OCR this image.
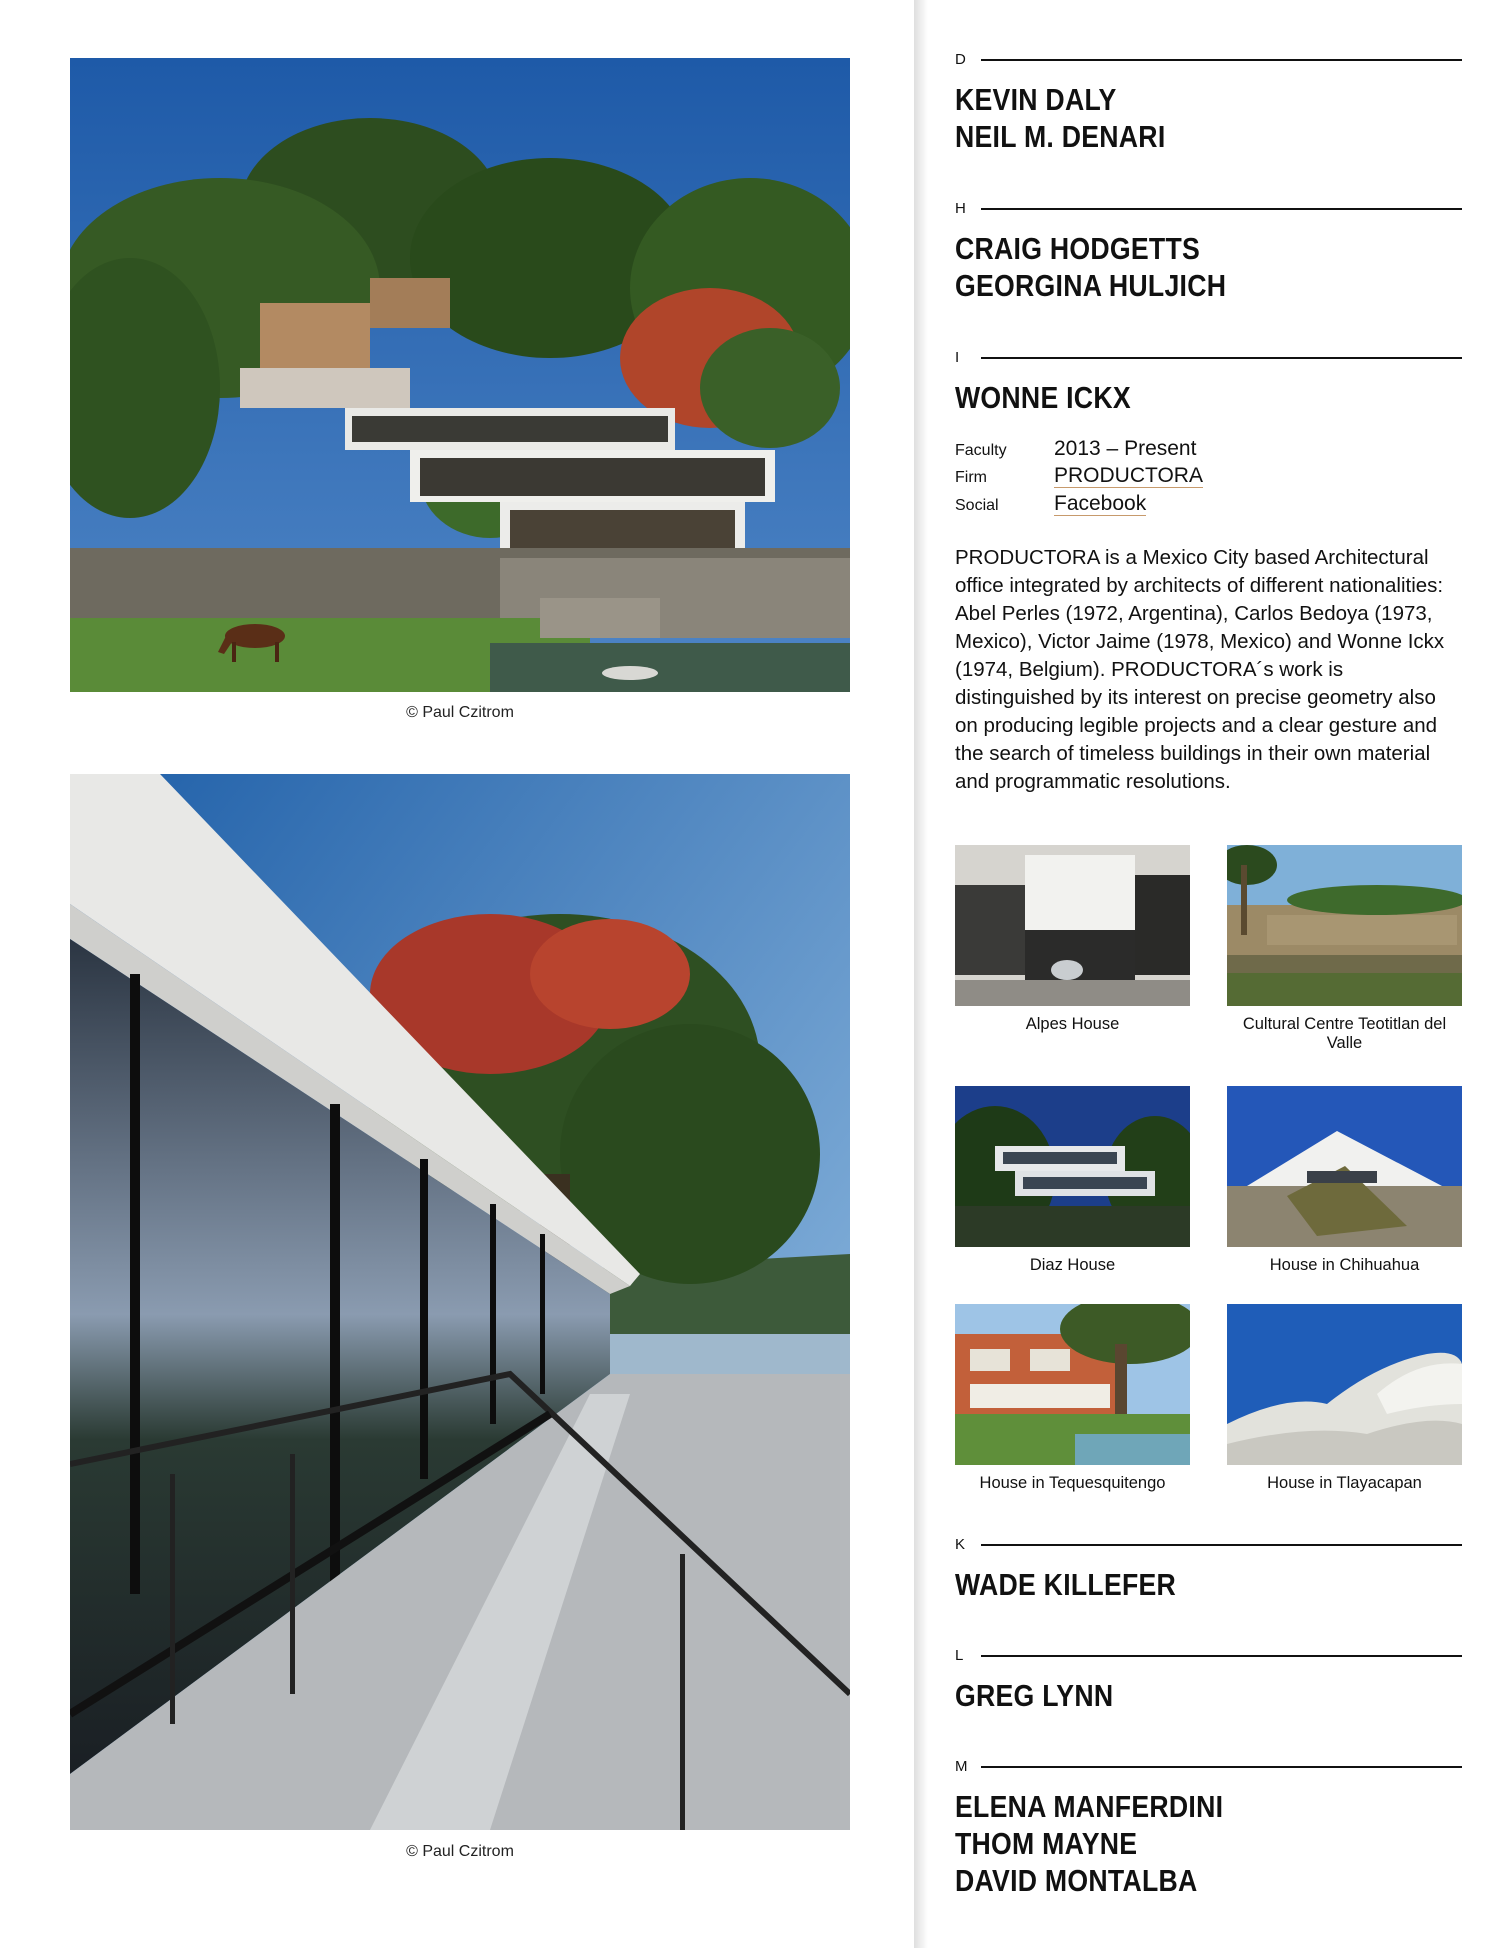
© Paul Czitrom
© Paul Czitrom
D
KEVIN DALY
NEIL M. DENARI
H
CRAIG HODGETTS
GEORGINA HULJICH
I
WONNE ICKX
Faculty	2013 – Present
Firm	PRODUCTORA
Social	Facebook
PRODUCTORA is a Mexico City based Architectural office integrated by architects of different nationalities: Abel Perles (1972, Argentina), Carlos Bedoya (1973, Mexico), Victor Jaime (1978, Mexico) and Wonne Ickx (1974, Belgium). PRODUCTORA´s work is distinguished by its interest on precise geometry also on producing legible projects and a clear gesture and the search of timeless buildings in their own material and programmatic resolutions.
Alpes House	Cultural Centre Teotitlan del Valle
Diaz House	House in Chihuahua
House in Tequesquitengo	House in Tlayacapan
K
WADE KILLEFER
L
GREG LYNN
M
ELENA MANFERDINI
THOM MAYNE
DAVID MONTALBA
